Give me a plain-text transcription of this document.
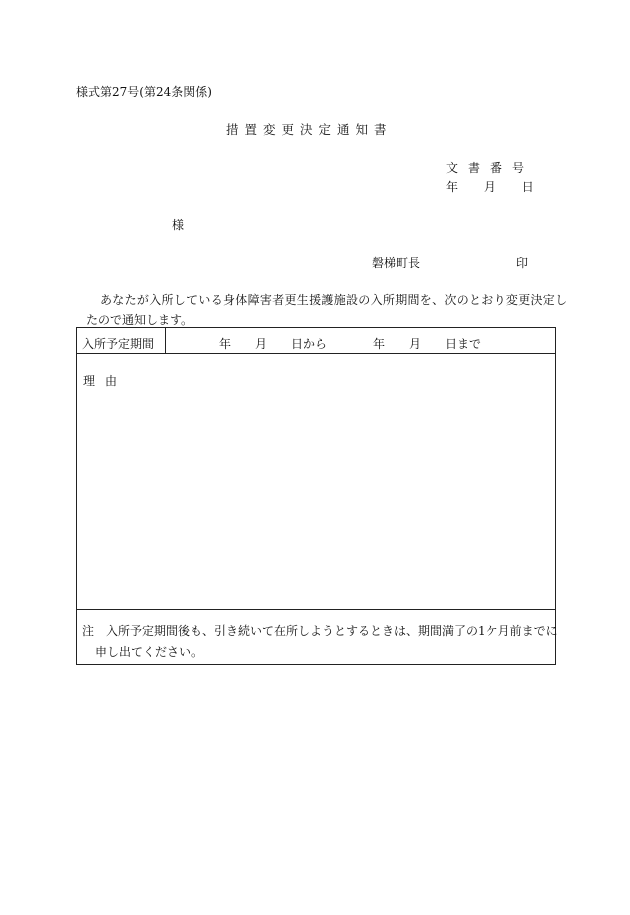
様式第27号(第24条関係)
措置変更決定通知書
文書番号
年 月 日
様
磐梯町長	印
あなたが入所している身体障害者更生援護施設の入所期間を、次のとおり変更決定し
たので通知します。
入所予定期間	年 月 日から	年 月 日まで
理由
注　入所予定期間後も、引き続いて在所しようとするときは、期間満了の1ケ月前までに
申し出てください。
